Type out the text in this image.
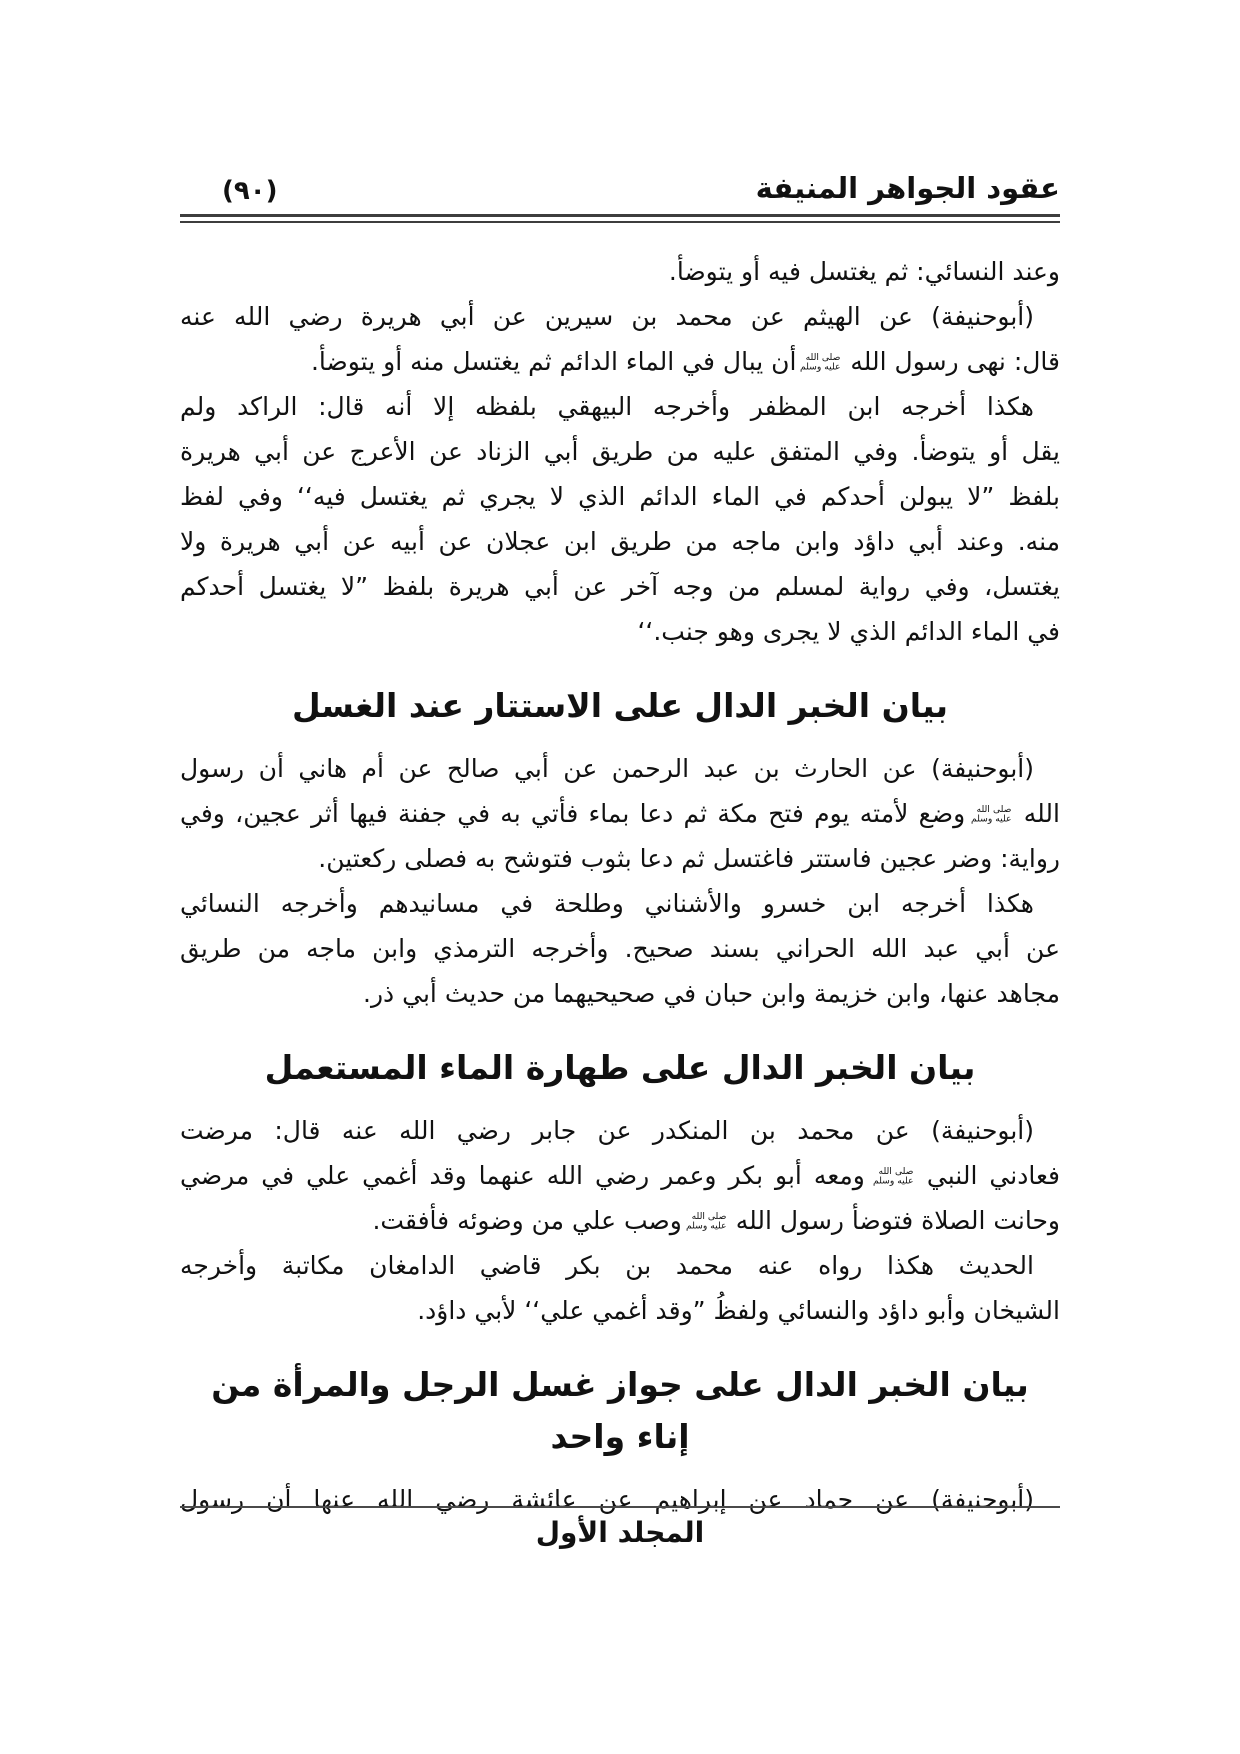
عقود الجواهر المنيفة
(٩٠)
وعند النسائي: ثم يغتسل فيه أو يتوضأ.
(أبوحنيفة) عن الهيثم عن محمد بن سيرين عن أبي هريرة رضي الله عنه
قال: نهى رسول الله
صلى الله
عليه وسلم
أن يبال في الماء الدائم ثم يغتسل منه أو يتوضأ.
هكذا أخرجه ابن المظفر وأخرجه البيهقي بلفظه إلا أنه قال: الراكد ولم
يقل أو يتوضأ. وفي المتفق عليه من طريق أبي الزناد عن الأعرج عن أبي هريرة
بلفظ ”لا يبولن أحدكم في الماء الدائم الذي لا يجري ثم يغتسل فيه‘‘ وفي لفظ
منه. وعند أبي داؤد وابن ماجه من طريق ابن عجلان عن أبيه عن أبي هريرة ولا
يغتسل، وفي رواية لمسلم من وجه آخر عن أبي هريرة بلفظ ”لا يغتسل أحدكم
في الماء الدائم الذي لا يجرى وهو جنب.‘‘
بيان الخبر الدال على الاستتار عند الغسل
(أبوحنيفة) عن الحارث بن عبد الرحمن عن أبي صالح عن أم هاني أن رسول
الله
صلى الله
عليه وسلم
وضع لأمته يوم فتح مكة ثم دعا بماء فأتي به في جفنة فيها أثر عجين، وفي
رواية: وضر عجين فاستتر فاغتسل ثم دعا بثوب فتوشح به فصلى ركعتين.
هكذا أخرجه ابن خسرو والأشناني وطلحة في مسانيدهم وأخرجه النسائي
عن أبي عبد الله الحراني بسند صحيح. وأخرجه الترمذي وابن ماجه من طريق
مجاهد عنها، وابن خزيمة وابن حبان في صحيحيهما من حديث أبي ذر.
بيان الخبر الدال على طهارة الماء المستعمل
(أبوحنيفة) عن محمد بن المنكدر عن جابر رضي الله عنه قال: مرضت
فعادني النبي
صلى الله
عليه وسلم
ومعه أبو بكر وعمر رضي الله عنهما وقد أغمي علي في مرضي
وحانت الصلاة فتوضأ رسول الله
صلى الله
عليه وسلم
وصب علي من وضوئه فأفقت.
الحديث هكذا رواه عنه محمد بن بكر قاضي الدامغان مكاتبة وأخرجه
الشيخان وأبو داؤد والنسائي ولفظُ ”وقد أغمي علي‘‘ لأبي داؤد.
بيان الخبر الدال على جواز غسل الرجل والمرأة من إناء واحد
(أبوحنيفة) عن حماد عن إبراهيم عن عائشة رضي الله عنها أن رسول
المجلد الأول
